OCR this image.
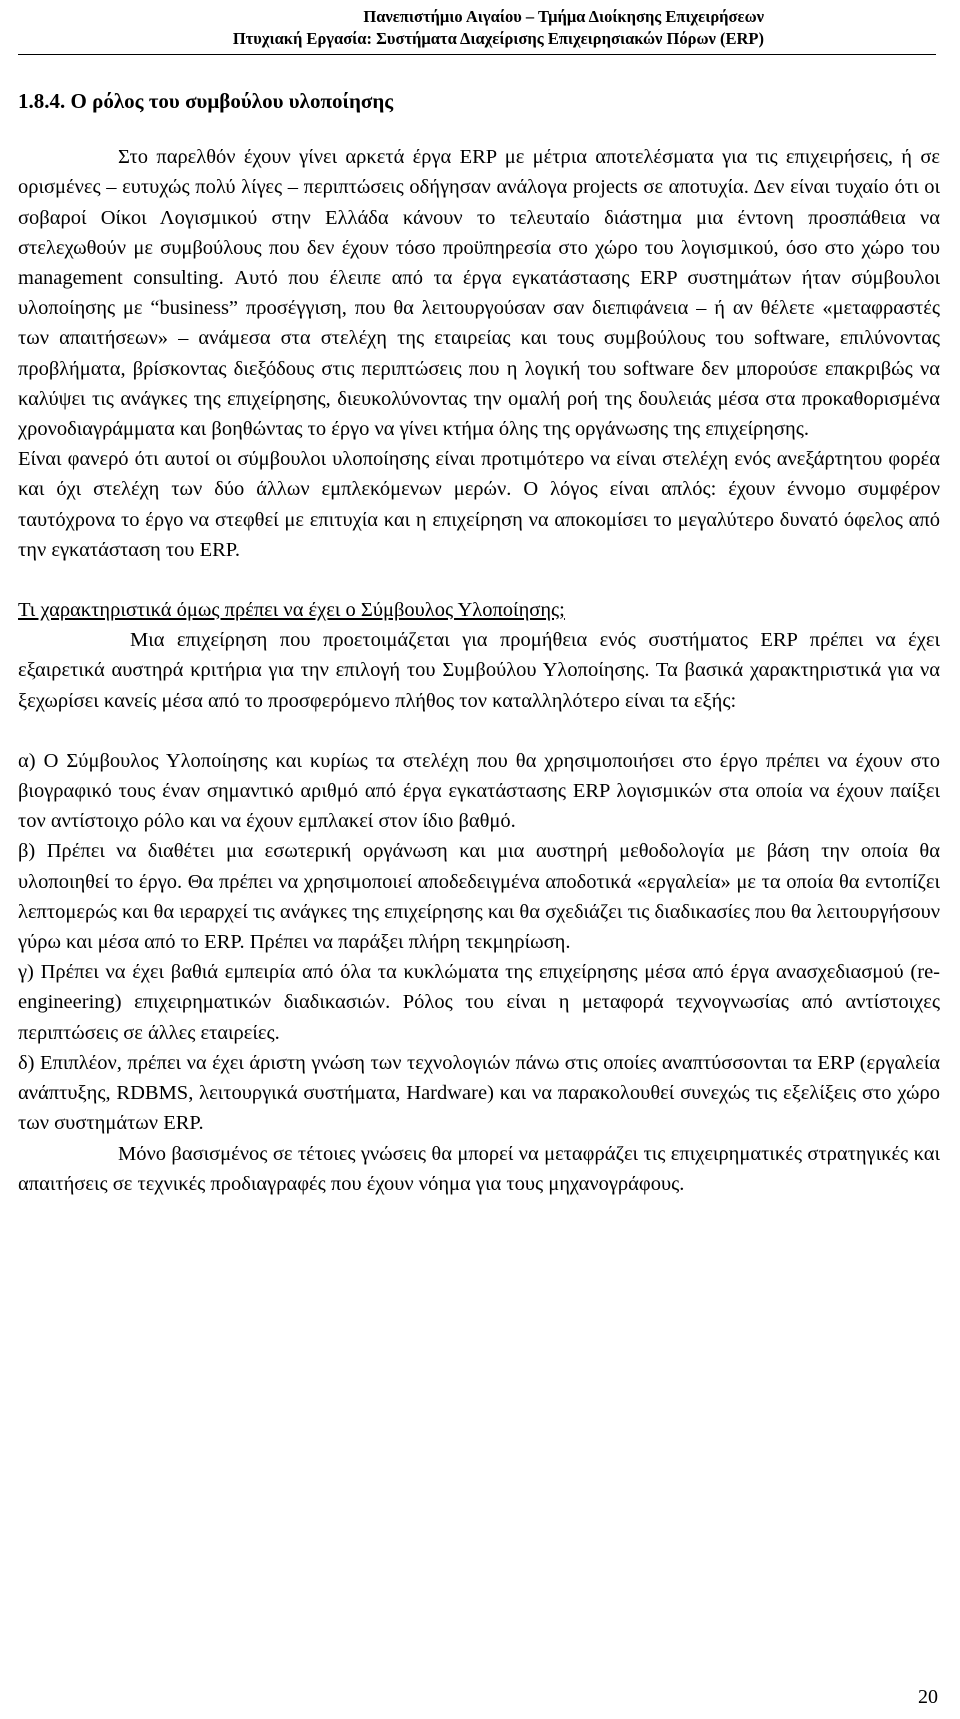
Πανεπιστήμιο Αιγαίου – Τμήμα Διοίκησης Επιχειρήσεων
Πτυχιακή Εργασία: Συστήματα Διαχείρισης Επιχειρησιακών Πόρων (ERP)
1.8.4. Ο ρόλος του συμβούλου υλοποίησης

Στο παρελθόν έχουν γίνει αρκετά έργα ERP με μέτρια αποτελέσματα για τις επιχειρήσεις, ή σε ορισμένες – ευτυχώς πολύ λίγες – περιπτώσεις οδήγησαν ανάλογα projects σε αποτυχία. Δεν είναι τυχαίο ότι οι σοβαροί Οίκοι Λογισμικού στην Ελλάδα κάνουν το τελευταίο διάστημα μια έντονη προσπάθεια να στελεχωθούν με συμβούλους που δεν έχουν τόσο προϋπηρεσία στο χώρο του λογισμικού, όσο στο χώρο του management consulting. Αυτό που έλειπε από τα έργα εγκατάστασης ERP συστημάτων ήταν σύμβουλοι υλοποίησης με “business” προσέγγιση, που θα λειτουργούσαν σαν διεπιφάνεια – ή αν θέλετε «μεταφραστές των απαιτήσεων» – ανάμεσα στα στελέχη της εταιρείας και τους συμβούλους του software, επιλύνοντας προβλήματα, βρίσκοντας διεξόδους στις περιπτώσεις που η λογική του software δεν μπορούσε επακριβώς να καλύψει τις ανάγκες της επιχείρησης, διευκολύνοντας την ομαλή ροή της δουλειάς μέσα στα προκαθορισμένα χρονοδιαγράμματα και βοηθώντας το έργο να γίνει κτήμα όλης της οργάνωσης της επιχείρησης.

Είναι φανερό ότι αυτοί οι σύμβουλοι υλοποίησης είναι προτιμότερο να είναι στελέχη ενός ανεξάρτητου φορέα και όχι στελέχη των δύο άλλων εμπλεκόμενων μερών. Ο λόγος είναι απλός: έχουν έννομο συμφέρον ταυτόχρονα το έργο να στεφθεί με επιτυχία και η επιχείρηση να αποκομίσει το μεγαλύτερο δυνατό όφελος από την εγκατάσταση του ERP.

Τι χαρακτηριστικά όμως πρέπει να έχει ο Σύμβουλος Υλοποίησης;

Μια επιχείρηση που προετοιμάζεται για προμήθεια ενός συστήματος ERP πρέπει να έχει εξαιρετικά αυστηρά κριτήρια για την επιλογή του Συμβούλου Υλοποίησης. Τα βασικά χαρακτηριστικά για να ξεχωρίσει κανείς μέσα από το προσφερόμενο πλήθος τον καταλληλότερο είναι τα εξής:

α) Ο Σύμβουλος Υλοποίησης και κυρίως τα στελέχη που θα χρησιμοποιήσει στο έργο πρέπει να έχουν στο βιογραφικό τους έναν σημαντικό αριθμό από έργα εγκατάστασης ERP λογισμικών στα οποία να έχουν παίξει τον αντίστοιχο ρόλο και να έχουν εμπλακεί στον ίδιο βαθμό.

β) Πρέπει να διαθέτει μια εσωτερική οργάνωση και μια αυστηρή μεθοδολογία με βάση την οποία θα υλοποιηθεί το έργο. Θα πρέπει να χρησιμοποιεί αποδεδειγμένα αποδοτικά «εργαλεία» με τα οποία θα εντοπίζει λεπτομερώς και θα ιεραρχεί τις ανάγκες της επιχείρησης και θα σχεδιάζει τις διαδικασίες που θα λειτουργήσουν γύρω και μέσα από το ERP. Πρέπει να παράξει πλήρη τεκμηρίωση.

γ) Πρέπει να έχει βαθιά εμπειρία από όλα τα κυκλώματα της επιχείρησης μέσα από έργα ανασχεδιασμού (re-engineering) επιχειρηματικών διαδικασιών. Ρόλος του είναι η μεταφορά τεχνογνωσίας από αντίστοιχες περιπτώσεις σε άλλες εταιρείες.

δ) Επιπλέον, πρέπει να έχει άριστη γνώση των τεχνολογιών πάνω στις οποίες αναπτύσσονται τα ERP (εργαλεία ανάπτυξης, RDBMS, λειτουργικά συστήματα, Hardware) και να παρακολουθεί συνεχώς τις εξελίξεις στο χώρο των συστημάτων ERP.

Μόνο βασισμένος σε τέτοιες γνώσεις θα μπορεί να μεταφράζει τις επιχειρηματικές στρατηγικές και απαιτήσεις σε τεχνικές προδιαγραφές που έχουν νόημα για τους μηχανογράφους.

20
